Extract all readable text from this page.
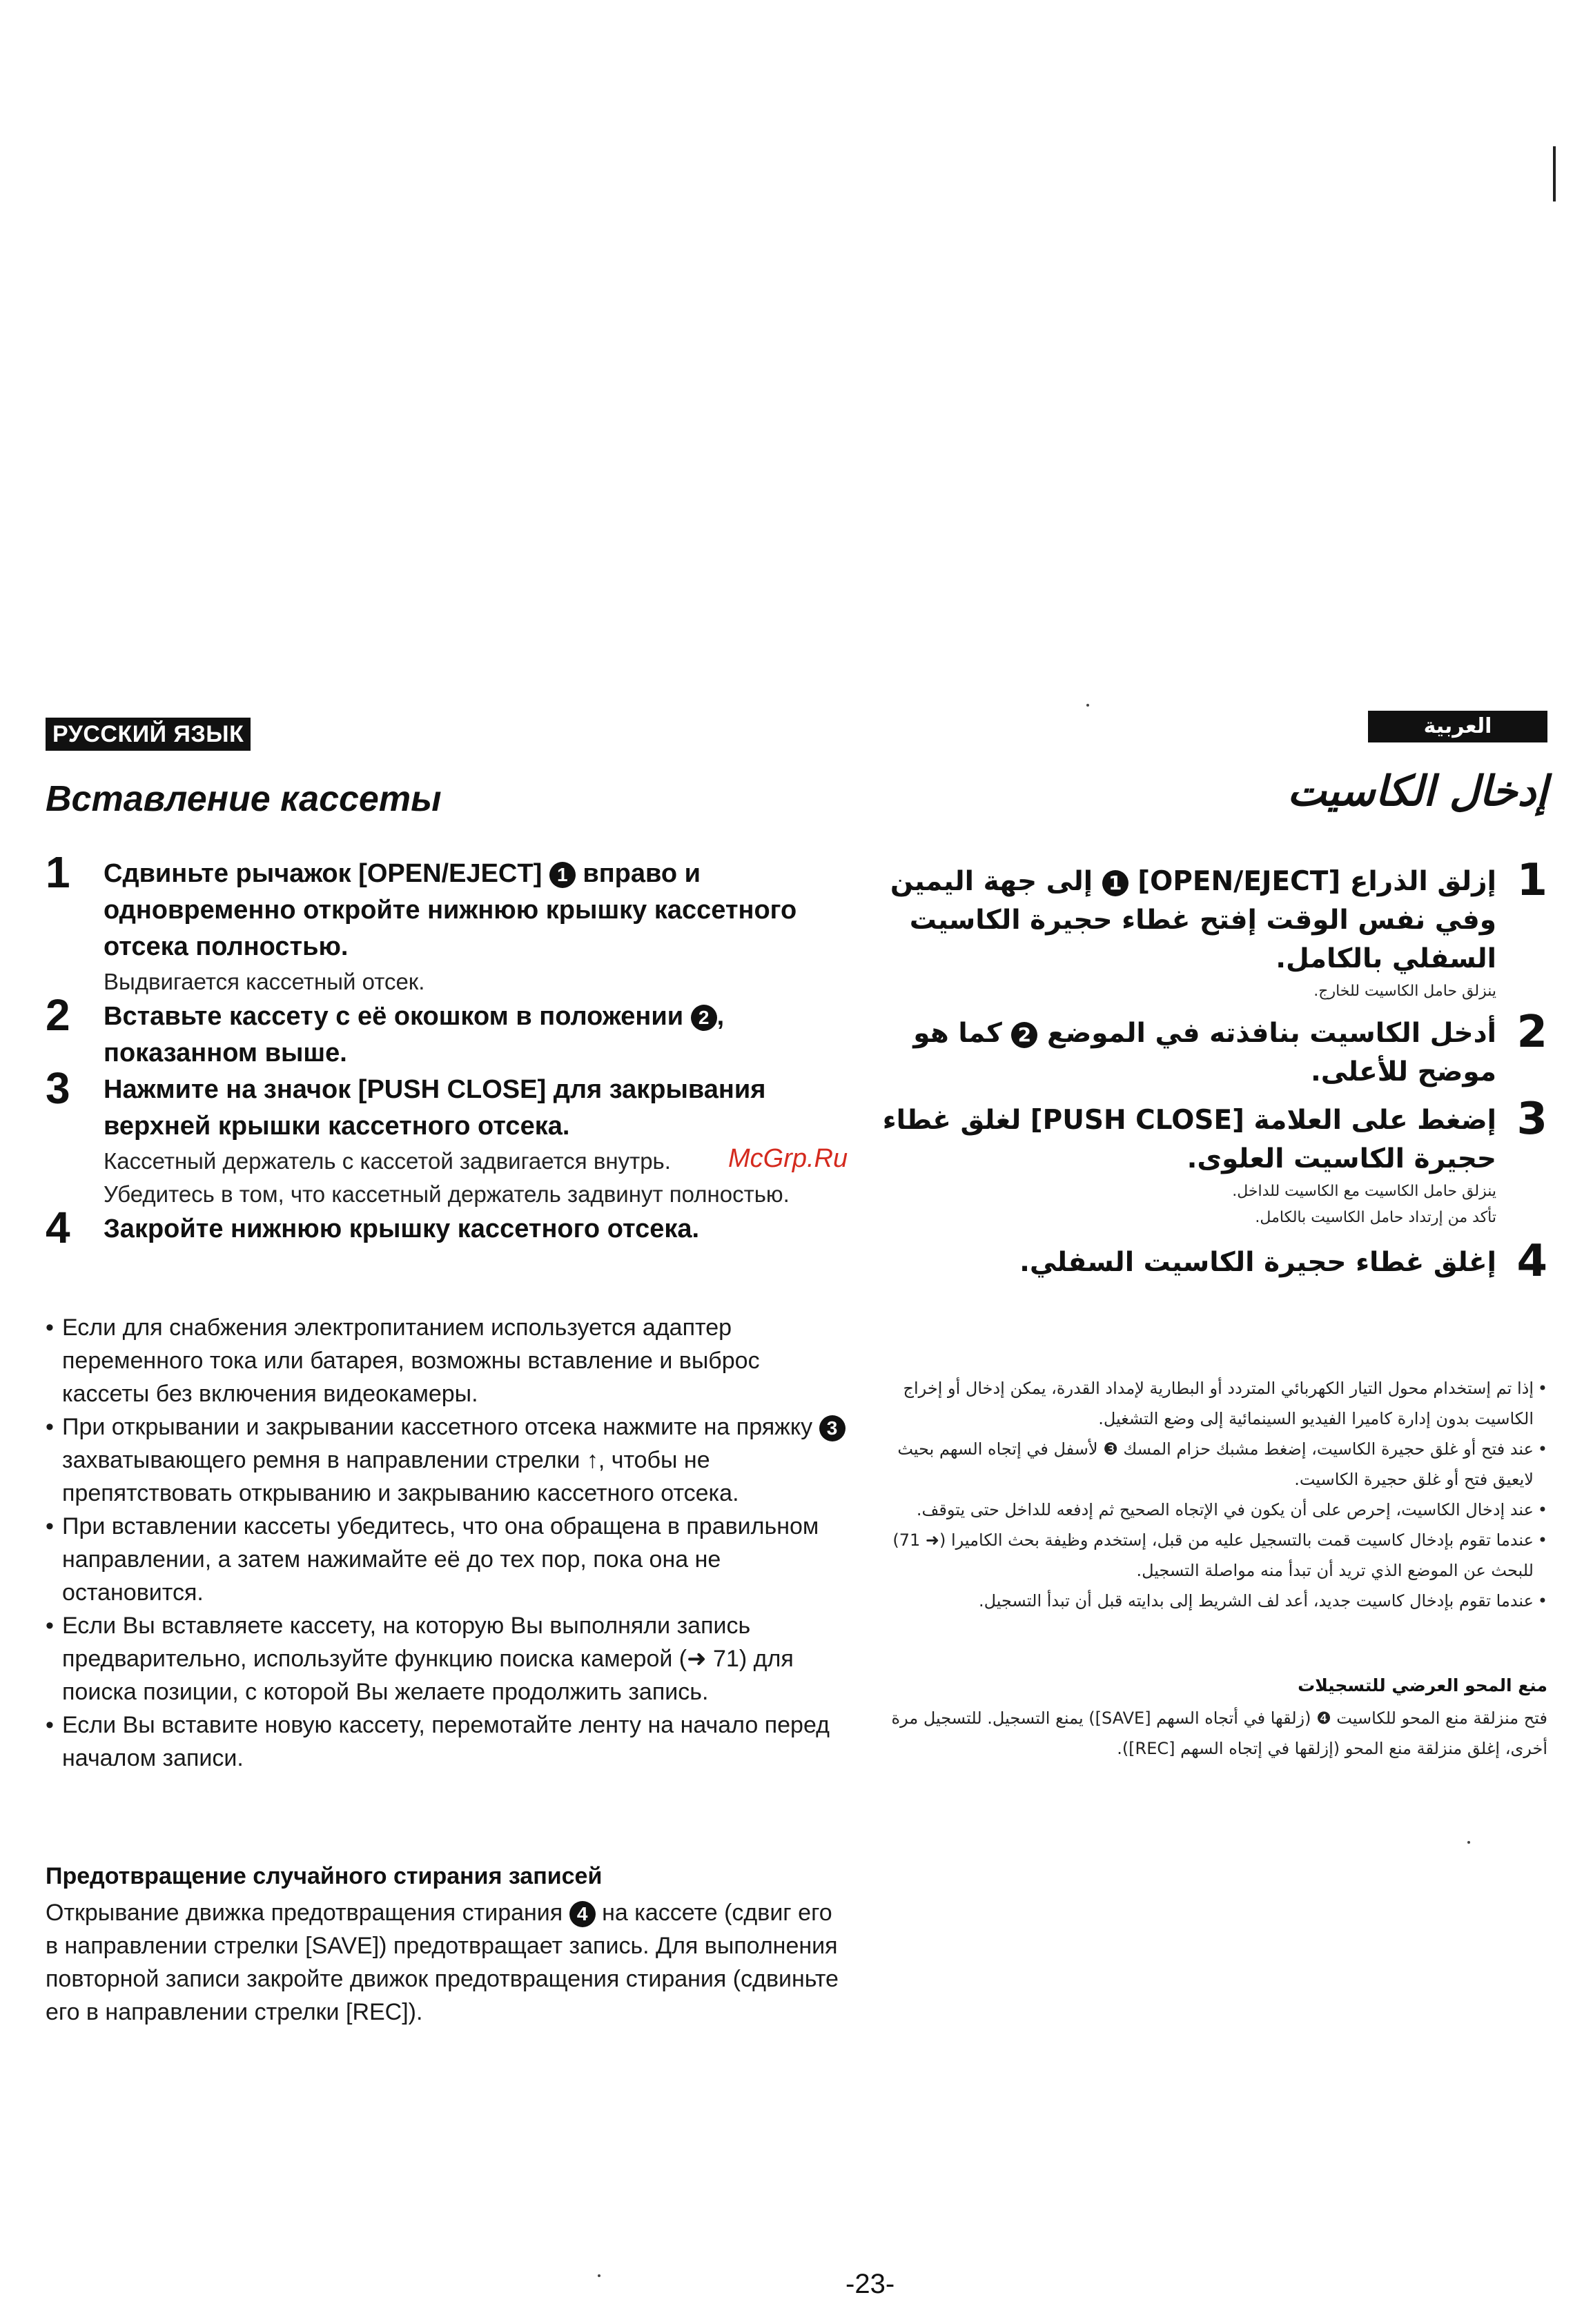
РУССКИЙ ЯЗЫК
Вставление кассеты
1 Сдвиньте рычажок [OPEN/EJECT] 1 вправо и одновременно откройте нижнюю крышку кассетного отсека полностью.
Выдвигается кассетный отсек.
2 Вставьте кассету с её окошком в положении 2 , показанном выше.
3 Нажмите на значок [PUSH CLOSE] для закрывания верхней крышки кассетного отсека.
Кассетный держатель с кассетой задвигается внутрь.
Убедитесь в том, что кассетный держатель задвинут полностью.
4 Закройте нижнюю крышку кассетного отсека.

• Если для снабжения электропитанием используется адаптер переменного тока или батарея, возможны вставление и выброс кассеты без включения видеокамеры.

• При открывании и закрывании кассетного отсека нажмите на пряжку 3 захватывающего ремня в направлении стрелки ↑, чтобы не препятствовать открыванию и закрыванию кассетного отсека.

• При вставлении кассеты убедитесь, что она обращена в правильном направлении, а затем нажимайте её до тех пор, пока она не остановится.

• Если Вы вставляете кассету, на которую Вы выполняли запись предварительно, используйте функцию поиска камерой (➜ 71) для поиска позиции, с которой Вы желаете продолжить запись.

• Если Вы вставите новую кассету, перемотайте ленту на начало перед началом записи.

Предотвращение случайного стирания записей
Открывание движка предотвращения стирания 4 на кассете (сдвиг его в направлении стрелки [SAVE]) предотвращает запись. Для выполнения повторной записи закройте движок предотвращения стирания (сдвиньте его в направлении стрелки [REC]).
العربية
إدخال الكاسيت
1
إزلق الذراع [OPEN/EJECT] 1 إلى جهة اليمين وفي نفس الوقت إفتح غطاء حجيرة الكاسيت السفلي بالكامل.
ينزلق حامل الكاسيت للخارج.
2
أدخل الكاسيت بنافذته في الموضع 2 كما هو موضح للأعلى.
3
إضغط على العلامة [PUSH CLOSE] لغلق غطاء حجيرة الكاسيت العلوى.
ينزلق حامل الكاسيت مع الكاسيت للداخل.
تأكد من إرتداد حامل الكاسيت بالكامل.
4
إغلق غطاء حجيرة الكاسيت السفلي.
• إذا تم إستخدام محول التيار الكهربائي المتردد أو البطارية لإمداد القدرة، يمكن إدخال أو إخراج الكاسيت بدون إدارة كاميرا الفيديو السينمائية إلى وضع التشغيل.
• عند فتح أو غلق حجيرة الكاسيت، إضغط مشبك حزام المسك ❸ لأسفل في إتجاه السهم بحيث لايعيق فتح أو غلق حجيرة الكاسيت.
• عند إدخال الكاسيت، إحرص على أن يكون في الإتجاه الصحيح ثم إدفعه للداخل حتى يتوقف.
• عندما تقوم بإدخال كاسيت قمت بالتسجيل عليه من قبل، إستخدم وظيفة بحث الكاميرا (➜ 71) للبحث عن الموضع الذي تريد أن تبدأ منه مواصلة التسجيل.
• عندما تقوم بإدخال كاسيت جديد، أعد لف الشريط إلى بدايته قبل أن تبدأ التسجيل.
منع المحو العرضي للتسجيلات
فتح منزلقة منع المحو للكاسيت ❹ (زلقها في أتجاه السهم [SAVE]) يمنع التسجيل. للتسجيل مرة أخرى، إغلق منزلقة منع المحو (إزلقها في إتجاه السهم [REC]).
McGrp.Ru
-23-
